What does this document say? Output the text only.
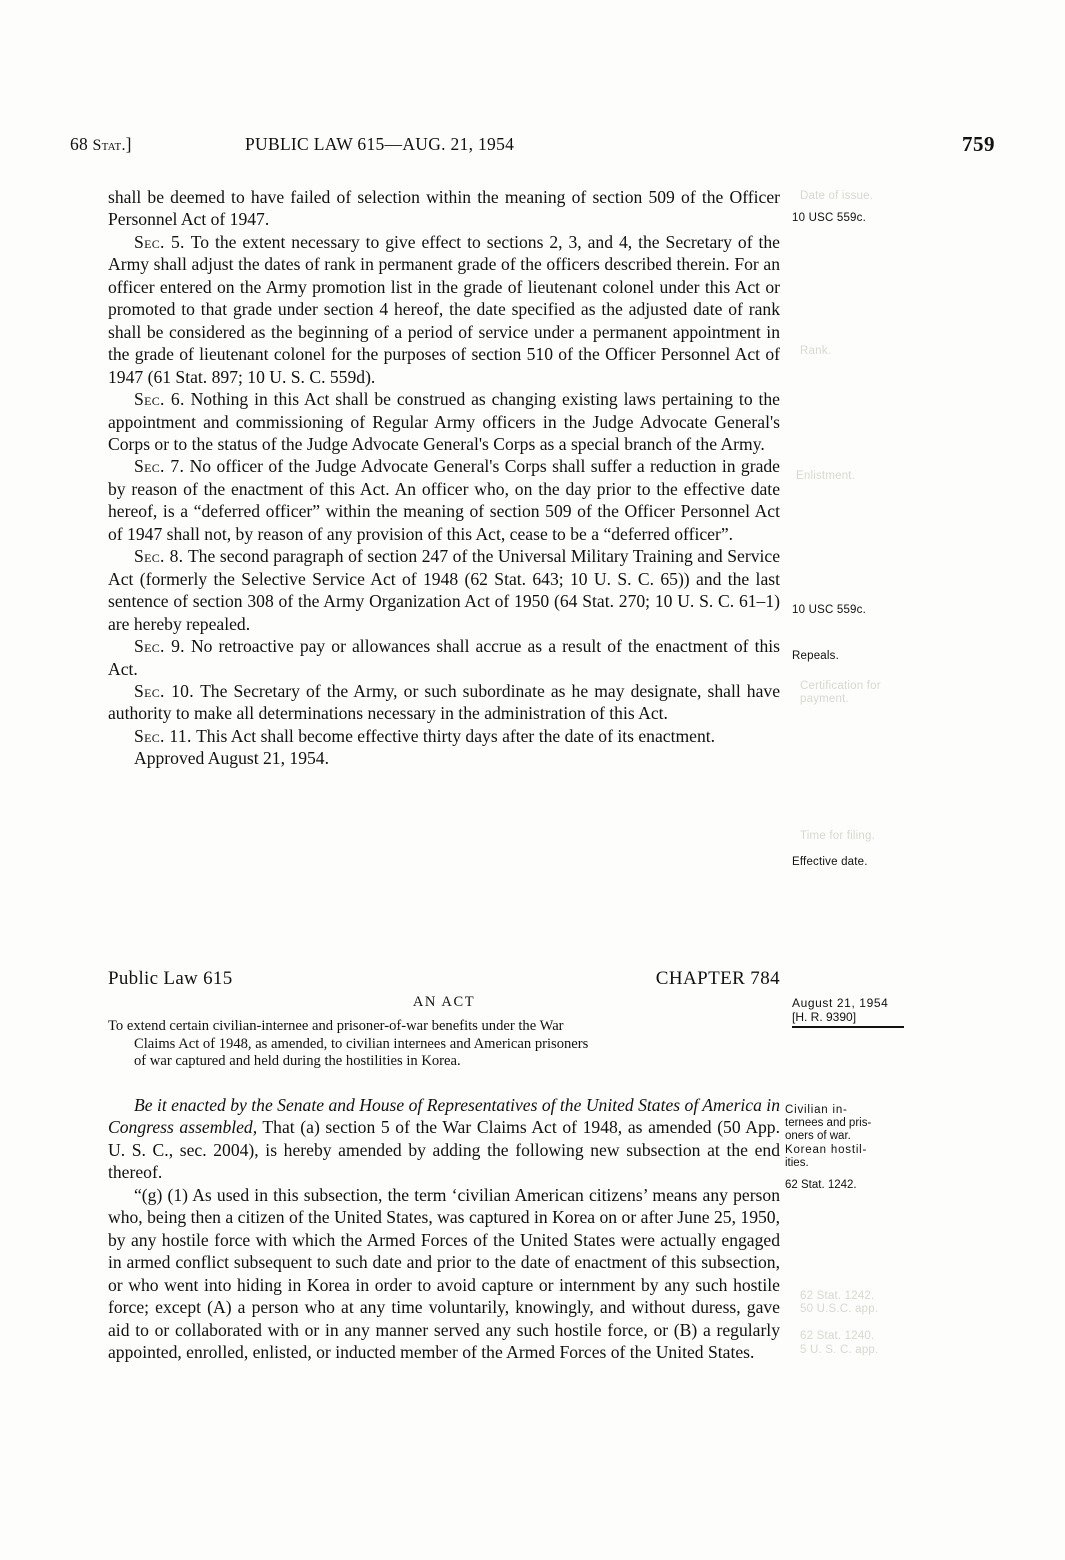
68 Stat.]	PUBLIC LAW 615—AUG. 21, 1954	759
Date of issue.
Rank.
Enlistment.
Certification for
payment.
Time for filing.
62 Stat. 1242.
50 U.S.C. app.

62 Stat. 1240.
5 U. S. C. app.

shall be deemed to have failed of selection within the meaning of section 509 of the Officer Personnel Act of 1947.

Sec. 5. To the extent necessary to give effect to sections 2, 3, and 4, the Secretary of the Army shall adjust the dates of rank in permanent grade of the officers described therein. For an officer entered on the Army promotion list in the grade of lieutenant colonel under this Act or promoted to that grade under section 4 hereof, the date specified as the adjusted date of rank shall be considered as the beginning of a period of service under a permanent appointment in the grade of lieutenant colonel for the purposes of section 510 of the Officer Personnel Act of 1947 (61 Stat. 897; 10 U. S. C. 559d).

Sec. 6. Nothing in this Act shall be construed as changing existing laws pertaining to the appointment and commissioning of Regular Army officers in the Judge Advocate General's Corps or to the status of the Judge Advocate General's Corps as a special branch of the Army.

Sec. 7. No officer of the Judge Advocate General's Corps shall suffer a reduction in grade by reason of the enactment of this Act. An officer who, on the day prior to the effective date hereof, is a “deferred officer” within the meaning of section 509 of the Officer Personnel Act of 1947 shall not, by reason of any provision of this Act, cease to be a “deferred officer”.

Sec. 8. The second paragraph of section 247 of the Universal Military Training and Service Act (formerly the Selective Service Act of 1948 (62 Stat. 643; 10 U. S. C. 65)) and the last sentence of section 308 of the Army Organization Act of 1950 (64 Stat. 270; 10 U. S. C. 61–1) are hereby repealed.

Sec. 9. No retroactive pay or allowances shall accrue as a result of the enactment of this Act.

Sec. 10. The Secretary of the Army, or such subordinate as he may designate, shall have authority to make all determinations necessary in the administration of this Act.

Sec. 11. This Act shall become effective thirty days after the date of its enactment.

Approved August 21, 1954.

10 USC 559c.
10 USC 559c.
Repeals.
Effective date.
Public Law 615	CHAPTER 784
AN ACT	August 21, 1954
[H. R. 9390]
To extend certain civilian-internee and prisoner-of-war benefits under the War
Claims Act of 1948, as amended, to civilian internees and American prisoners
of war captured and held during the hostilities in Korea.

Be it enacted by the Senate and House of Representatives of the United States of America in Congress assembled, That (a) section 5 of the War Claims Act of 1948, as amended (50 App. U. S. C., sec. 2004), is hereby amended by adding the following new subsection at the end thereof.

“(g) (1) As used in this subsection, the term ‘civilian American citizens’ means any person who, being then a citizen of the United States, was captured in Korea on or after June 25, 1950, by any hostile force with which the Armed Forces of the United States were actually engaged in armed conflict subsequent to such date and prior to the date of enactment of this subsection, or who went into hiding in Korea in order to avoid capture or internment by any such hostile force; except (A) a person who at any time voluntarily, knowingly, and without duress, gave aid to or collaborated with or in any manner served any such hostile force, or (B) a regularly appointed, enrolled, enlisted, or inducted member of the Armed Forces of the United States.

Civilian in-
ternees and pris-
oners of war.
Korean hostil-
ities.
62 Stat. 1242.
